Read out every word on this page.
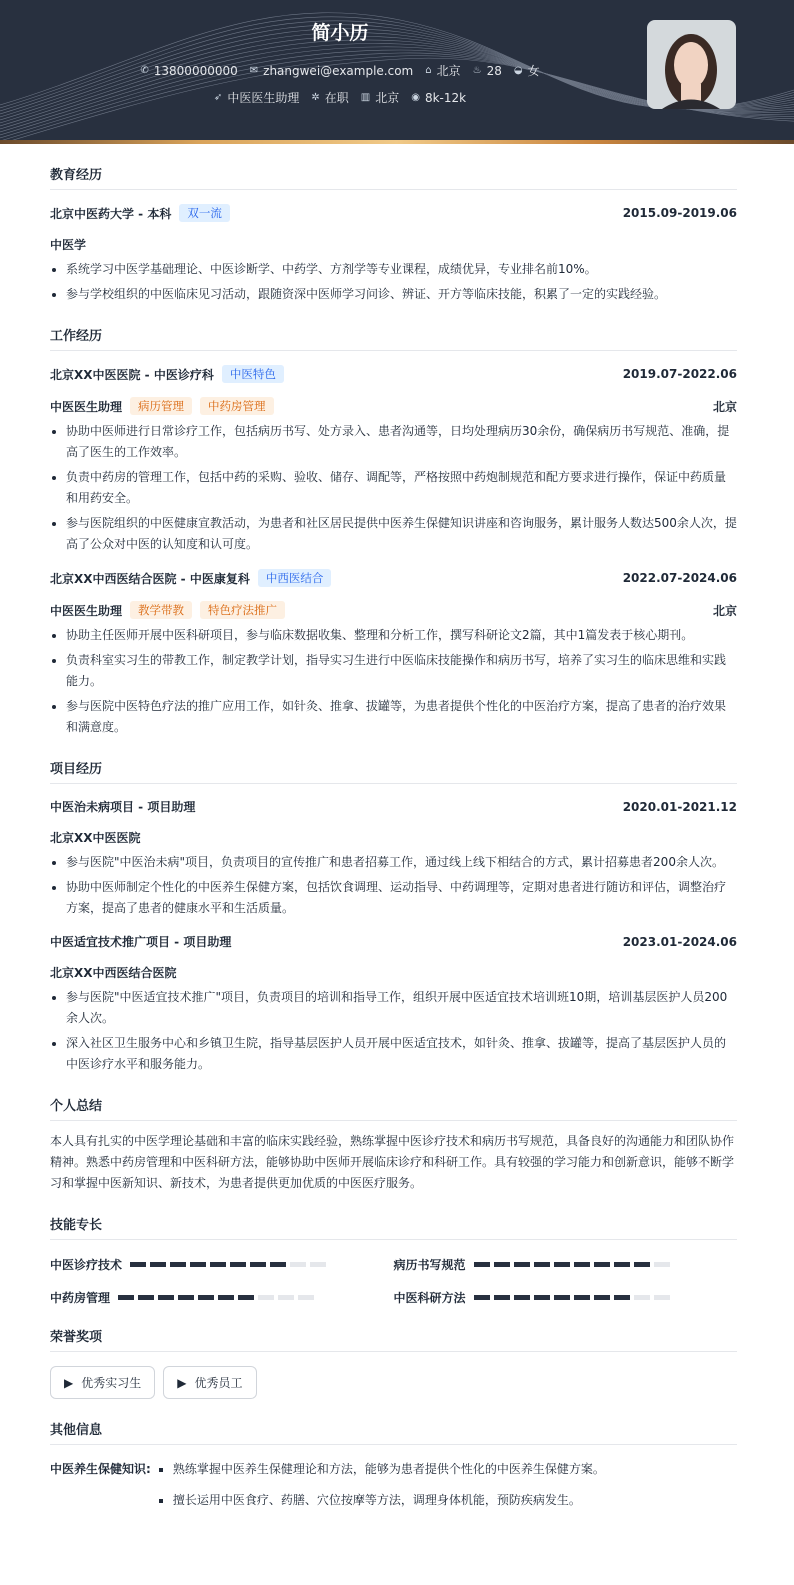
简小历
✆ 13800000000 ✉ zhangwei@example.com ⌂ 北京 ♨ 28 ◒ 女
➶ 中医医生助理 ✲ 在职 ▥ 北京 ◉ 8k-12k
教育经历
北京中医药大学 - 本科	双一流	2015.09-2019.06
中医学
系统学习中医学基础理论、中医诊断学、中药学、方剂学等专业课程，成绩优异，专业排名前10%。
参与学校组织的中医临床见习活动，跟随资深中医师学习问诊、辨证、开方等临床技能，积累了一定的实践经验。
工作经历
北京XX中医医院 - 中医诊疗科	中医特色	2019.07-2022.06
中医医生助理	病历管理	中药房管理	北京
协助中医师进行日常诊疗工作，包括病历书写、处方录入、患者沟通等，日均处理病历30余份，确保病历书写规范、准确，提高了医生的工作效率。
负责中药房的管理工作，包括中药的采购、验收、储存、调配等，严格按照中药炮制规范和配方要求进行操作，保证中药质量和用药安全。
参与医院组织的中医健康宣教活动，为患者和社区居民提供中医养生保健知识讲座和咨询服务，累计服务人数达500余人次，提高了公众对中医的认知度和认可度。
北京XX中西医结合医院 - 中医康复科	中西医结合	2022.07-2024.06
中医医生助理	教学带教	特色疗法推广	北京
协助主任医师开展中医科研项目，参与临床数据收集、整理和分析工作，撰写科研论文2篇，其中1篇发表于核心期刊。
负责科室实习生的带教工作，制定教学计划，指导实习生进行中医临床技能操作和病历书写，培养了实习生的临床思维和实践能力。
参与医院中医特色疗法的推广应用工作，如针灸、推拿、拔罐等，为患者提供个性化的中医治疗方案，提高了患者的治疗效果和满意度。
项目经历
中医治未病项目 - 项目助理	2020.01-2021.12
北京XX中医医院
参与医院"中医治未病"项目，负责项目的宣传推广和患者招募工作，通过线上线下相结合的方式，累计招募患者200余人次。
协助中医师制定个性化的中医养生保健方案，包括饮食调理、运动指导、中药调理等，定期对患者进行随访和评估，调整治疗方案，提高了患者的健康水平和生活质量。
中医适宜技术推广项目 - 项目助理	2023.01-2024.06
北京XX中西医结合医院
参与医院"中医适宜技术推广"项目，负责项目的培训和指导工作，组织开展中医适宜技术培训班10期，培训基层医护人员200余人次。
深入社区卫生服务中心和乡镇卫生院，指导基层医护人员开展中医适宜技术，如针灸、推拿、拔罐等，提高了基层医护人员的中医诊疗水平和服务能力。
个人总结
本人具有扎实的中医学理论基础和丰富的临床实践经验，熟练掌握中医诊疗技术和病历书写规范，具备良好的沟通能力和团队协作精神。熟悉中药房管理和中医科研方法，能够协助中医师开展临床诊疗和科研工作。具有较强的学习能力和创新意识，能够不断学习和掌握中医新知识、新技术，为患者提供更加优质的中医医疗服务。
技能专长
中医诊疗技术	病历书写规范
中药房管理	中医科研方法
荣誉奖项
▶ 优秀实习生	▶ 优秀员工
其他信息
中医养生保健知识:	熟练掌握中医养生保健理论和方法，能够为患者提供个性化的中医养生保健方案。
擅长运用中医食疗、药膳、穴位按摩等方法，调理身体机能，预防疾病发生。
